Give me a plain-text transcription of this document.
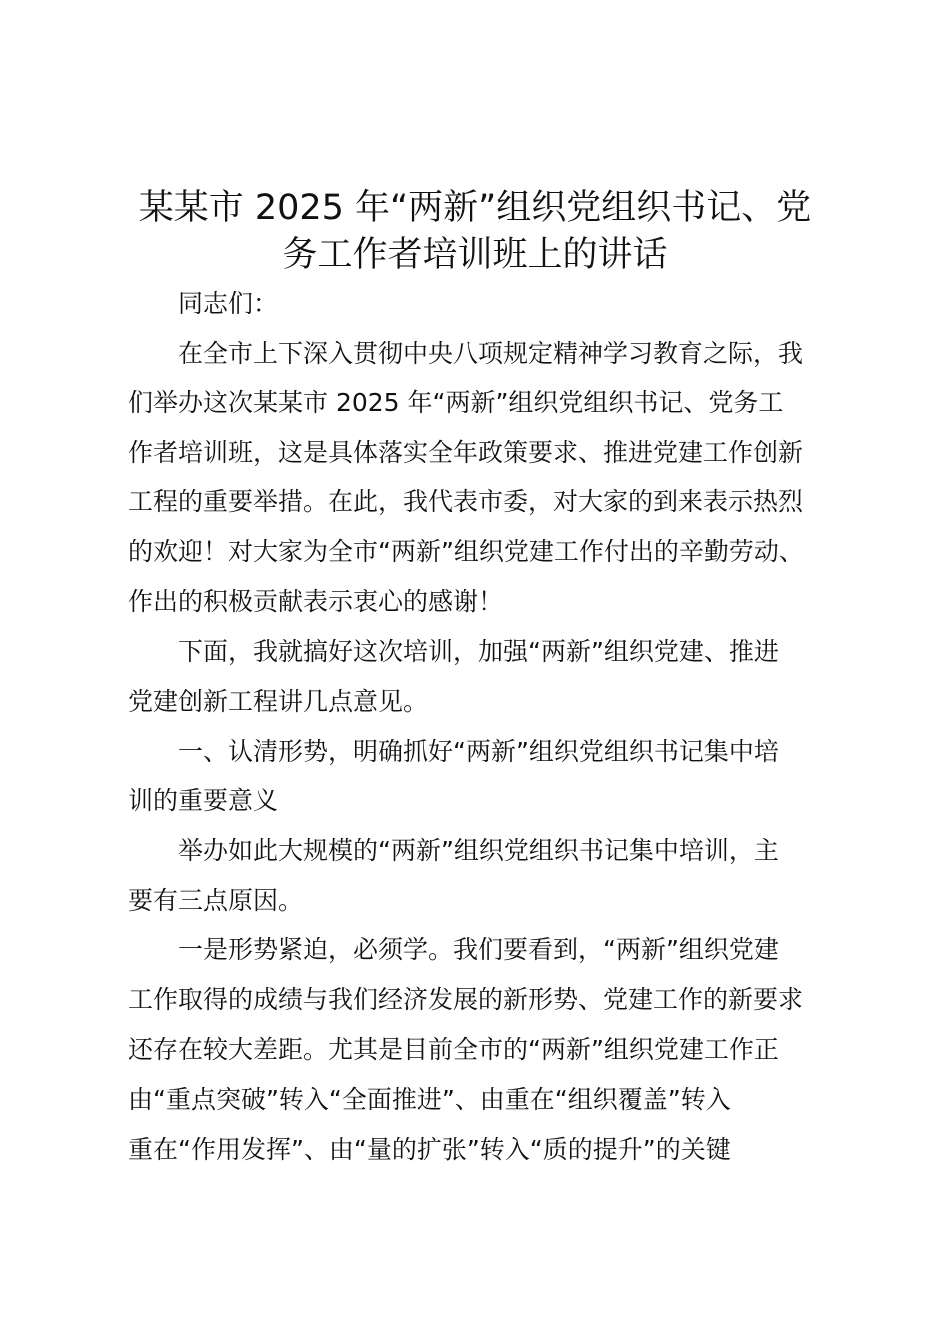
某某市 2025 年“两新”组织党组织书记、党
务工作者培训班上的讲话

同志们：

在全市上下深入贯彻中央八项规定精神学习教育之际，我

们举办这次某某市 2025 年“两新”组织党组织书记、党务工

作者培训班，这是具体落实全年政策要求、推进党建工作创新

工程的重要举措。在此，我代表市委，对大家的到来表示热烈

的欢迎！对大家为全市“两新”组织党建工作付出的辛勤劳动、

作出的积极贡献表示衷心的感谢！

下面，我就搞好这次培训，加强“两新”组织党建、推进

党建创新工程讲几点意见。

一、认清形势，明确抓好“两新”组织党组织书记集中培

训的重要意义

举办如此大规模的“两新”组织党组织书记集中培训，主

要有三点原因。

一是形势紧迫，必须学。我们要看到，“两新”组织党建

工作取得的成绩与我们经济发展的新形势、党建工作的新要求

还存在较大差距。尤其是目前全市的“两新”组织党建工作正

由“重点突破”转入“全面推进”、由重在“组织覆盖”转入

重在“作用发挥”、由“量的扩张”转入“质的提升”的关键
